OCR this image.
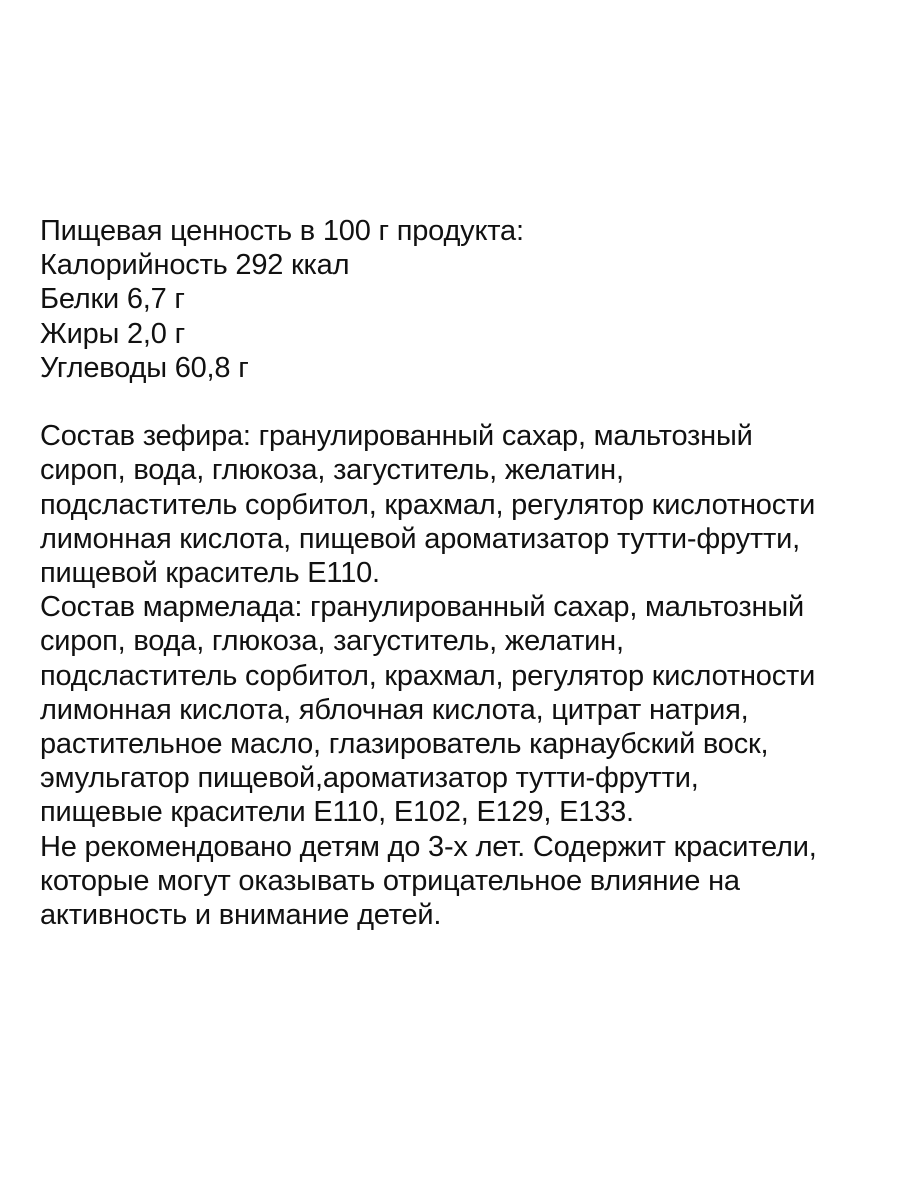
Пищевая ценность в 100 г продукта:
Калорийность 292 ккал
Белки 6,7 г
Жиры 2,0 г
Углеводы 60,8 г
Состав зефира: гранулированный сахар, мальтозный
сироп, вода, глюкоза, загуститель, желатин,
подсластитель сорбитол, крахмал, регулятор кислотности
лимонная кислота, пищевой ароматизатор тутти-фрутти,
пищевой краситель Е110.
Состав мармелада: гранулированный сахар, мальтозный
сироп, вода, глюкоза, загуститель, желатин,
подсластитель сорбитол, крахмал, регулятор кислотности
лимонная кислота, яблочная кислота, цитрат натрия,
растительное масло, глазирователь карнаубский воск,
эмульгатор пищевой,ароматизатор тутти-фрутти,
пищевые красители Е110, Е102, Е129, Е133.
Не рекомендовано детям до 3-х лет. Содержит красители,
которые могут оказывать отрицательное влияние на
активность и внимание детей.
